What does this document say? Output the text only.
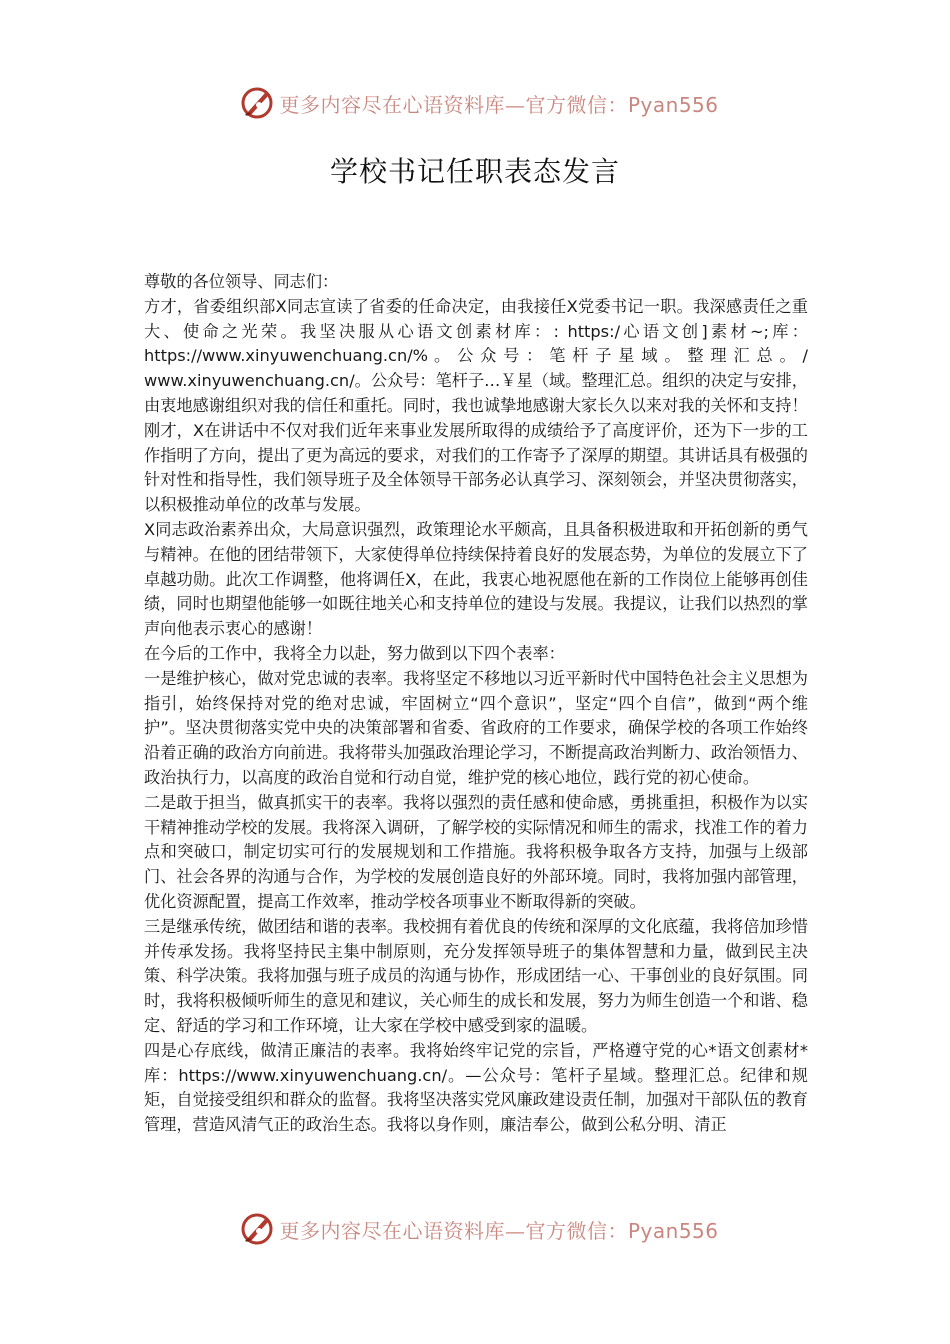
更多内容尽在心语资料库—官方微信：Pyan556
学校书记任职表态发言

尊敬的各位领导、同志们：

方才，省委组织部X同志宣读了省委的任命决定，由我接任X党委书记一职。我深感责任之重大、使命之光荣。我坚决服从心语文创素材库：: https:/心语文创]素材~;库：https://www.xinyuwenchuang.cn/% 。 公 众 号 ： 笔 杆 子 星 域 。 整 理 汇 总 。 / www.xinyuwenchuang.cn/。公众号：笔杆子…￥星（域。整理汇总。组织的决定与安排，由衷地感谢组织对我的信任和重托。同时，我也诚挚地感谢大家长久以来对我的关怀和支持！

刚才，X在讲话中不仅对我们近年来事业发展所取得的成绩给予了高度评价，还为下一步的工作指明了方向，提出了更为高远的要求，对我们的工作寄予了深厚的期望。其讲话具有极强的针对性和指导性，我们领导班子及全体领导干部务必认真学习、深刻领会，并坚决贯彻落实，以积极推动单位的改革与发展。

X同志政治素养出众，大局意识强烈，政策理论水平颇高，且具备积极进取和开拓创新的勇气与精神。在他的团结带领下，大家使得单位持续保持着良好的发展态势，为单位的发展立下了卓越功勋。此次工作调整，他将调任X，在此，我衷心地祝愿他在新的工作岗位上能够再创佳绩，同时也期望他能够一如既往地关心和支持单位的建设与发展。我提议，让我们以热烈的掌声向他表示衷心的感谢！

在今后的工作中，我将全力以赴，努力做到以下四个表率：

一是维护核心，做对党忠诚的表率。我将坚定不移地以习近平新时代中国特色社会主义思想为指引，始终保持对党的绝对忠诚，牢固树立“四个意识”，坚定“四个自信”，做到“两个维护”。坚决贯彻落实党中央的决策部署和省委、省政府的工作要求，确保学校的各项工作始终沿着正确的政治方向前进。我将带头加强政治理论学习，不断提高政治判断力、政治领悟力、政治执行力，以高度的政治自觉和行动自觉，维护党的核心地位，践行党的初心使命。

二是敢于担当，做真抓实干的表率。我将以强烈的责任感和使命感，勇挑重担，积极作为以实干精神推动学校的发展。我将深入调研，了解学校的实际情况和师生的需求，找准工作的着力点和突破口，制定切实可行的发展规划和工作措施。我将积极争取各方支持，加强与上级部门、社会各界的沟通与合作，为学校的发展创造良好的外部环境。同时，我将加强内部管理，优化资源配置，提高工作效率，推动学校各项事业不断取得新的突破。

三是继承传统，做团结和谐的表率。我校拥有着优良的传统和深厚的文化底蕴，我将倍加珍惜并传承发扬。我将坚持民主集中制原则，充分发挥领导班子的集体智慧和力量，做到民主决策、科学决策。我将加强与班子成员的沟通与协作，形成团结一心、干事创业的良好氛围。同时，我将积极倾听师生的意见和建议，关心师生的成长和发展，努力为师生创造一个和谐、稳定、舒适的学习和工作环境，让大家在学校中感受到家的温暖。

四是心存底线，做清正廉洁的表率。我将始终牢记党的宗旨，严格遵守党的心*语文创素材*库：https://www.xinyuwenchuang.cn/。—公众号：笔杆子星域。整理汇总。纪律和规矩，自觉接受组织和群众的监督。我将坚决落实党风廉政建设责任制，加强对干部队伍的教育管理，营造风清气正的政治生态。我将以身作则，廉洁奉公，做到公私分明、清正

更多内容尽在心语资料库—官方微信：Pyan556
